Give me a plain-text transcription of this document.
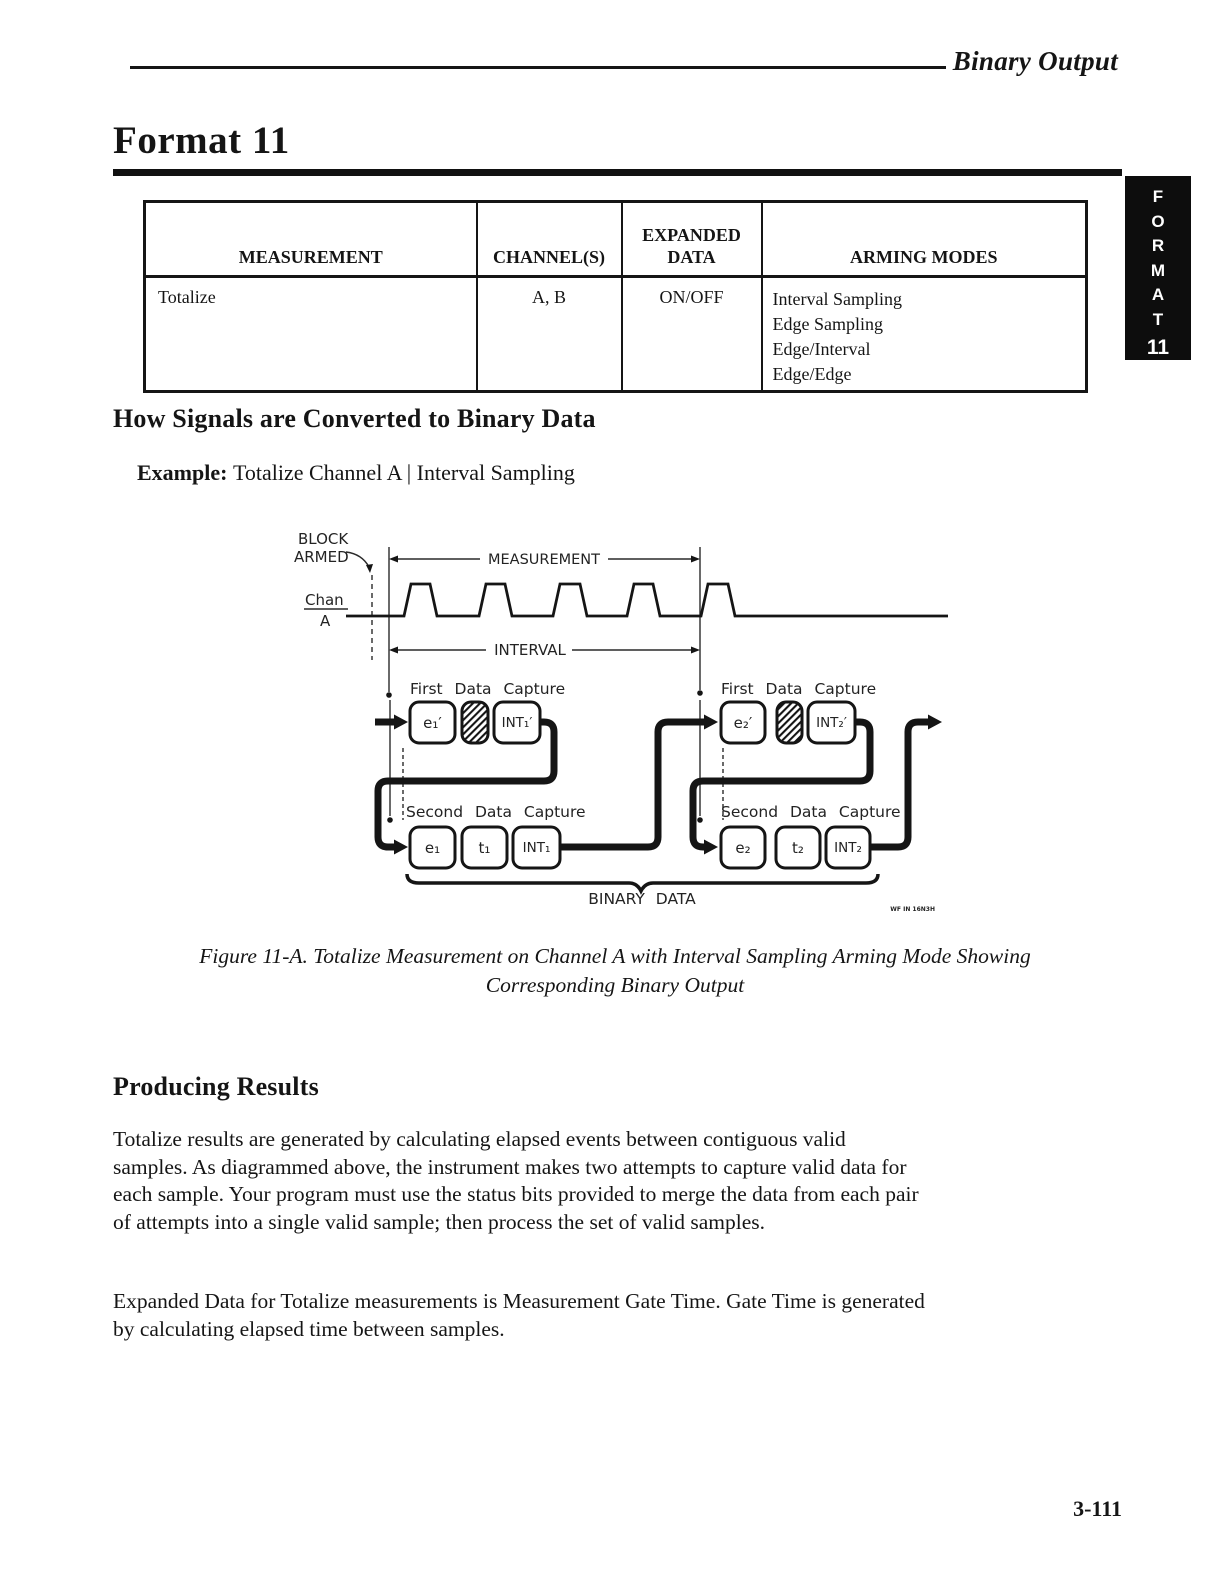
Binary Output
Format 11
F
O
R
M
A
T
11
MEASUREMENT	CHANNEL(S)	EXPANDED DATA	ARMING MODES
Totalize	A, B	ON/OFF	Interval Sampling
Edge Sampling
Edge/Interval
Edge/Edge
How Signals are Converted to Binary Data
Example: Totalize Channel A | Interval Sampling
BLOCK
ARMED
Chan
A
MEASUREMENT
INTERVAL
First Data Capture	First Data Capture
Second Data Capture	Second Data Capture
e₁′	INT₁′	e₂′	INT₂′
e₁	t₁ INT₁	e₂	t₂ INT₂
BINARY DATA
WF IN 16N3H
Figure 11-A. Totalize Measurement on Channel A with Interval Sampling Arming Mode Showing
Corresponding Binary Output
Producing Results
Totalize results are generated by calculating elapsed events between contiguous valid
samples. As diagrammed above, the instrument makes two attempts to capture valid data for
each sample. Your program must use the status bits provided to merge the data from each pair
of attempts into a single valid sample; then process the set of valid samples.
Expanded Data for Totalize measurements is Measurement Gate Time. Gate Time is generated
by calculating elapsed time between samples.
3-111
